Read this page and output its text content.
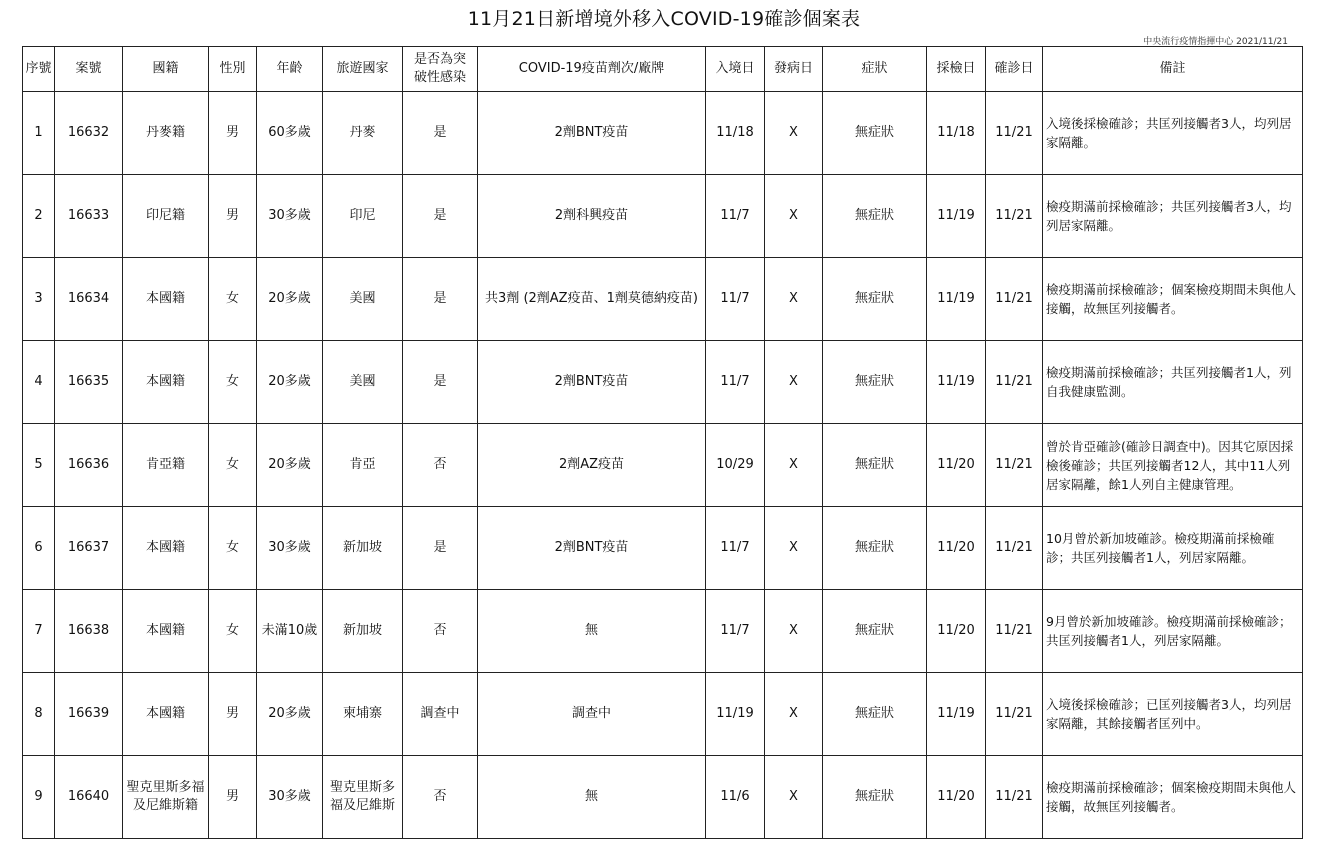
11月21日新增境外移入COVID-19確診個案表
中央流行疫情指揮中心 2021/11/21
序號	案號	國籍	性別	年齡	旅遊國家	是否為突破性感染	COVID-19疫苗劑次/廠牌	入境日	發病日	症狀	採檢日	確診日	備註
1	16632	丹麥籍	男	60多歲	丹麥	是	2劑BNT疫苗	11/18	X	無症狀	11/18	11/21	入境後採檢確診；共匡列接觸者3人，均列居家隔離。
2	16633	印尼籍	男	30多歲	印尼	是	2劑科興疫苗	11/7	X	無症狀	11/19	11/21	檢疫期滿前採檢確診；共匡列接觸者3人，均列居家隔離。
3	16634	本國籍	女	20多歲	美國	是	共3劑 (2劑AZ疫苗、1劑莫德納疫苗)	11/7	X	無症狀	11/19	11/21	檢疫期滿前採檢確診；個案檢疫期間未與他人接觸，故無匡列接觸者。
4	16635	本國籍	女	20多歲	美國	是	2劑BNT疫苗	11/7	X	無症狀	11/19	11/21	檢疫期滿前採檢確診；共匡列接觸者1人，列自我健康監測。
5	16636	肯亞籍	女	20多歲	肯亞	否	2劑AZ疫苗	10/29	X	無症狀	11/20	11/21	曾於肯亞確診(確診日調查中)。因其它原因採檢後確診；共匡列接觸者12人，其中11人列居家隔離，餘1人列自主健康管理。
6	16637	本國籍	女	30多歲	新加坡	是	2劑BNT疫苗	11/7	X	無症狀	11/20	11/21	10月曾於新加坡確診。檢疫期滿前採檢確診；共匡列接觸者1人，列居家隔離。
7	16638	本國籍	女	未滿10歲	新加坡	否	無	11/7	X	無症狀	11/20	11/21	9月曾於新加坡確診。檢疫期滿前採檢確診；共匡列接觸者1人，列居家隔離。
8	16639	本國籍	男	20多歲	柬埔寨	調查中	調查中	11/19	X	無症狀	11/19	11/21	入境後採檢確診；已匡列接觸者3人，均列居家隔離，其餘接觸者匡列中。
9	16640	聖克里斯多福及尼維斯籍	男	30多歲	聖克里斯多福及尼維斯	否	無	11/6	X	無症狀	11/20	11/21	檢疫期滿前採檢確診；個案檢疫期間未與他人接觸，故無匡列接觸者。
